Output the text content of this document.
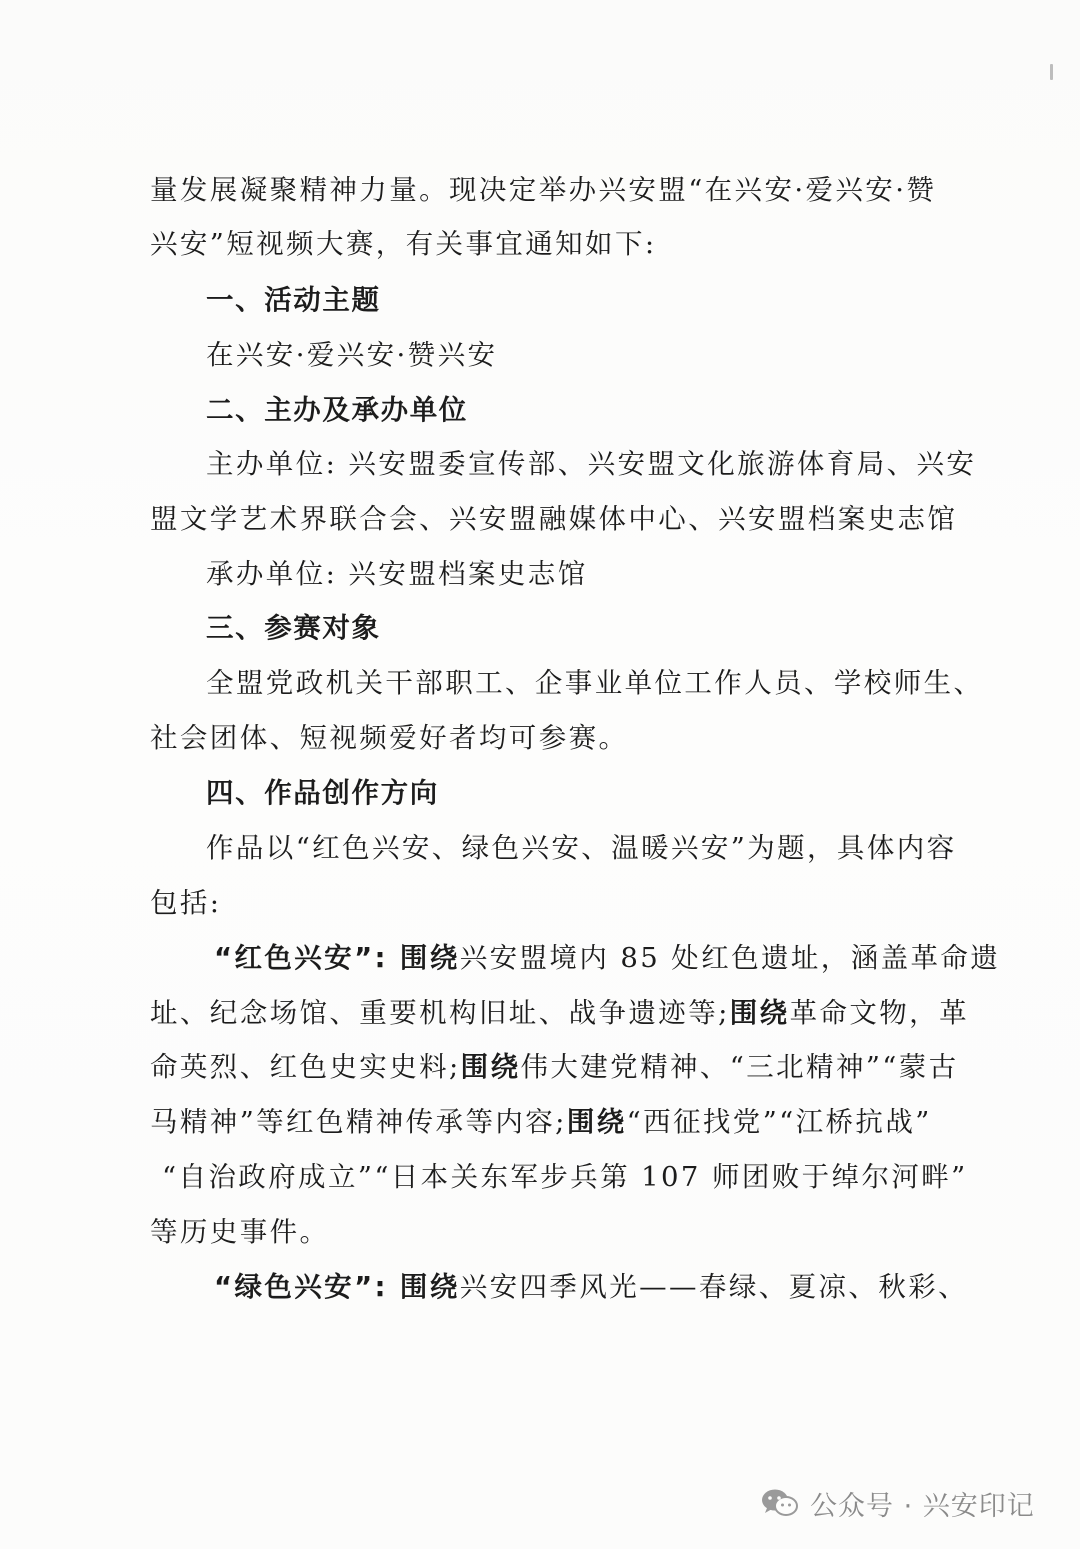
量发展凝聚精神力量。现决定举办兴安盟“在兴安·爱兴安·赞
兴安”短视频大赛，有关事宜通知如下:
一、活动主题
在兴安·爱兴安·赞兴安
二、主办及承办单位
主办单位: 兴安盟委宣传部、兴安盟文化旅游体育局、兴安
盟文学艺术界联合会、兴安盟融媒体中心、兴安盟档案史志馆
承办单位: 兴安盟档案史志馆
三、参赛对象
全盟党政机关干部职工、企事业单位工作人员、学校师生、
社会团体、短视频爱好者均可参赛。
四、作品创作方向
作品以“红色兴安、绿色兴安、温暖兴安”为题，具体内容
包括:
“红色兴安”: 围绕兴安盟境内 85 处红色遗址，涵盖革命遗
址、纪念场馆、重要机构旧址、战争遗迹等;围绕革命文物，革
命英烈、红色史实史料;围绕伟大建党精神、“三北精神”“蒙古
马精神”等红色精神传承等内容;围绕“西征找党”“江桥抗战”
“自治政府成立”“日本关东军步兵第 107 师团败于绰尔河畔”
等历史事件。
“绿色兴安”: 围绕兴安四季风光——春绿、夏凉、秋彩、
公众号 · 兴安印记
